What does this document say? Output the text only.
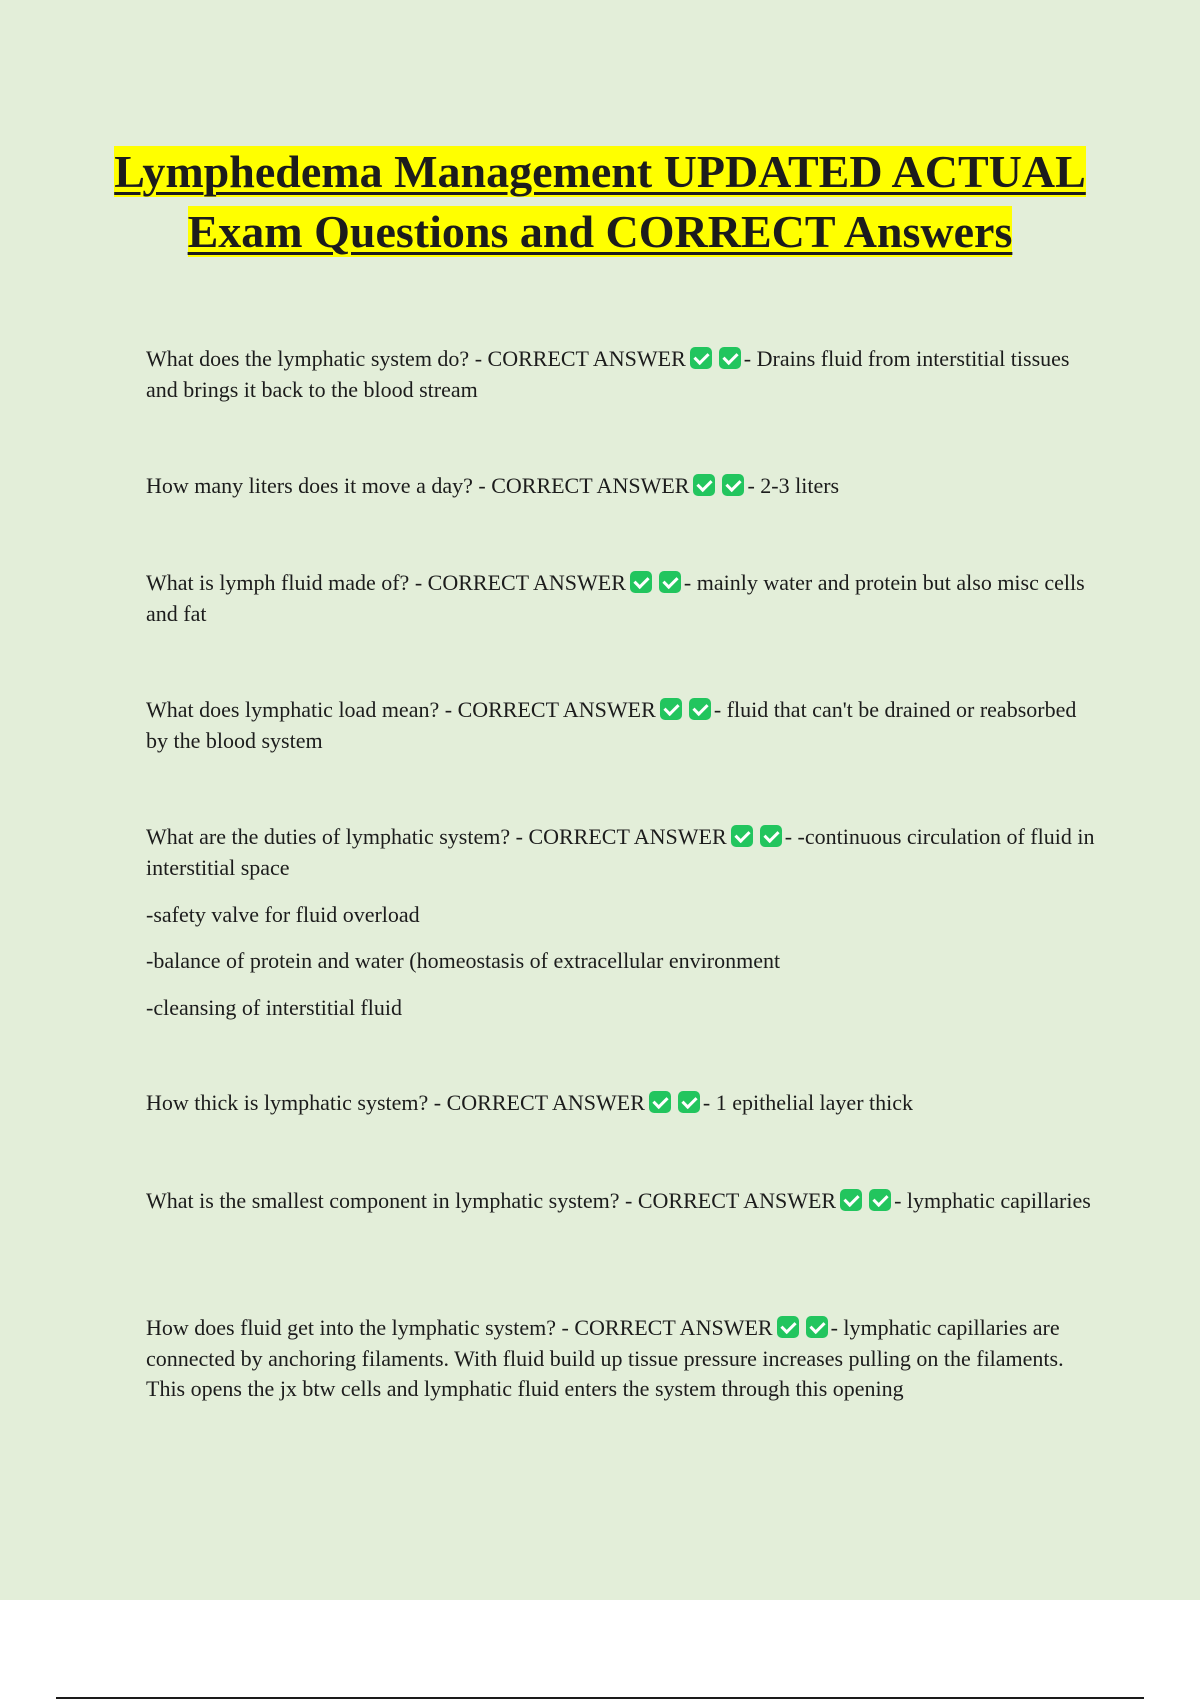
Lymphedema Management UPDATED ACTUAL Exam Questions and CORRECT Answers

What does the lymphatic system do? - CORRECT ANSWER	- Drains fluid from interstitial tissues and brings it back to the blood stream

How many liters does it move a day? - CORRECT ANSWER	- 2-3 liters

What is lymph fluid made of? - CORRECT ANSWER	- mainly water and protein but also misc cells and fat

What does lymphatic load mean? - CORRECT ANSWER	- fluid that can't be drained or reabsorbed by the blood system

What are the duties of lymphatic system? - CORRECT ANSWER	- -continuous circulation of fluid in interstitial space

-safety valve for fluid overload

-balance of protein and water (homeostasis of extracellular environment

-cleansing of interstitial fluid

How thick is lymphatic system? - CORRECT ANSWER	- 1 epithelial layer thick

What is the smallest component in lymphatic system? - CORRECT ANSWER	- lymphatic capillaries

How does fluid get into the lymphatic system? - CORRECT ANSWER	- lymphatic capillaries are connected by anchoring filaments. With fluid build up tissue pressure increases pulling on the filaments. This opens the jx btw cells and lymphatic fluid enters the system through this opening
